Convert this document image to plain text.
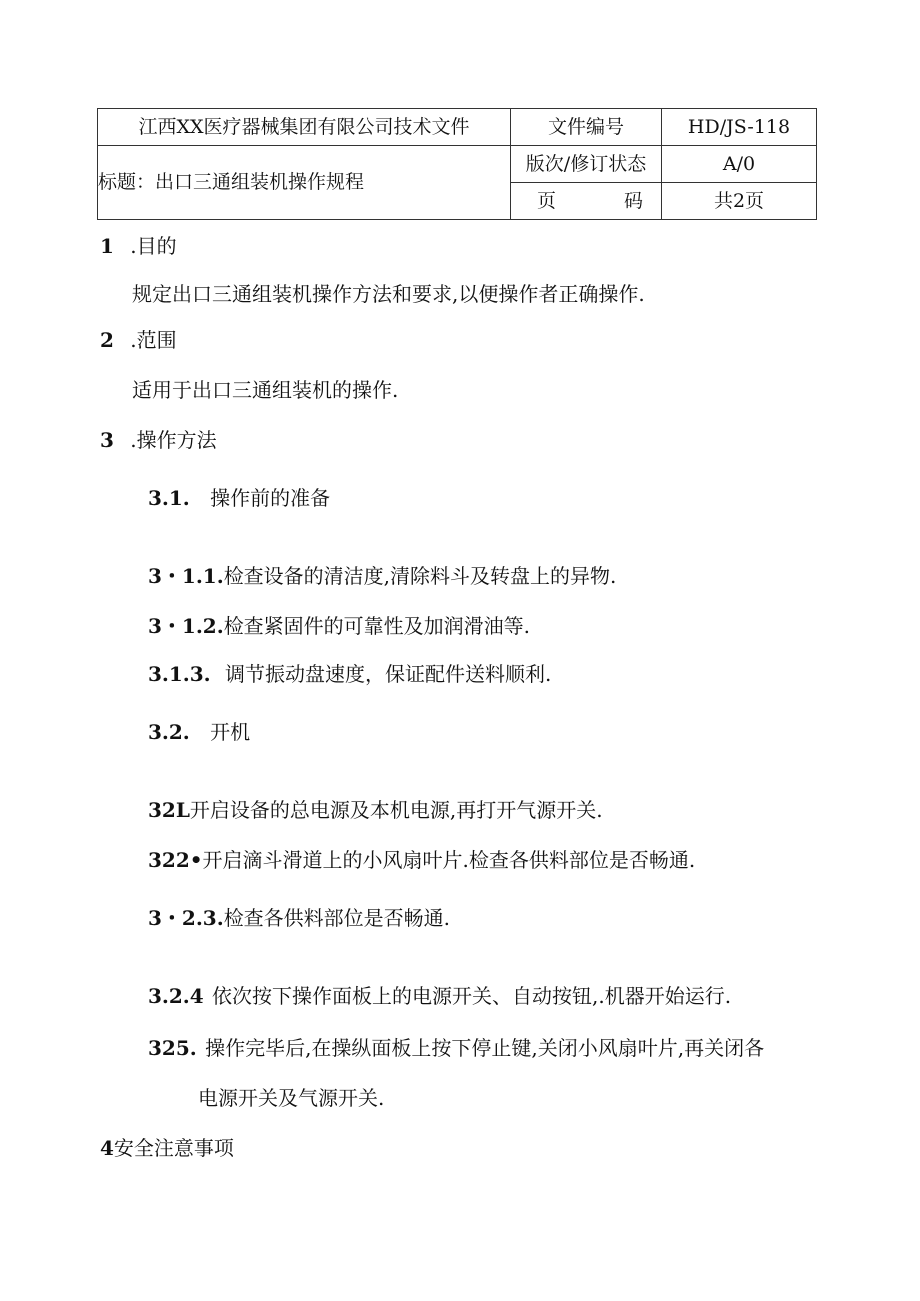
江西XX医疗器械集团有限公司技术文件	文件编号	HD/JS-118
标题：出口三通组装机操作规程	版次/修订状态	A/0

	页 码	共2页
1 .目的
规定出口三通组装机操作方法和要求,以便操作者正确操作.
2 .范围
适用于出口三通组装机的操作.
3 .操作方法
3.1. 操作前的准备
3・1.1.检查设备的清洁度,清除料斗及转盘上的异物.
3・1.2.检查紧固件的可靠性及加润滑油等.
3.1.3. 调节振动盘速度，保证配件送料顺利.
3.2. 开机
32L开启设备的总电源及本机电源,再打开气源开关.
322•开启滴斗滑道上的小风扇叶片.检查各供料部位是否畅通.
3・2.3.检查各供料部位是否畅通.
3.2.4 依次按下操作面板上的电源开关、自动按钮,.机器开始运行.
325. 操作完毕后,在操纵面板上按下停止键,关闭小风扇叶片,再关闭各
电源开关及气源开关.
4安全注意事项
